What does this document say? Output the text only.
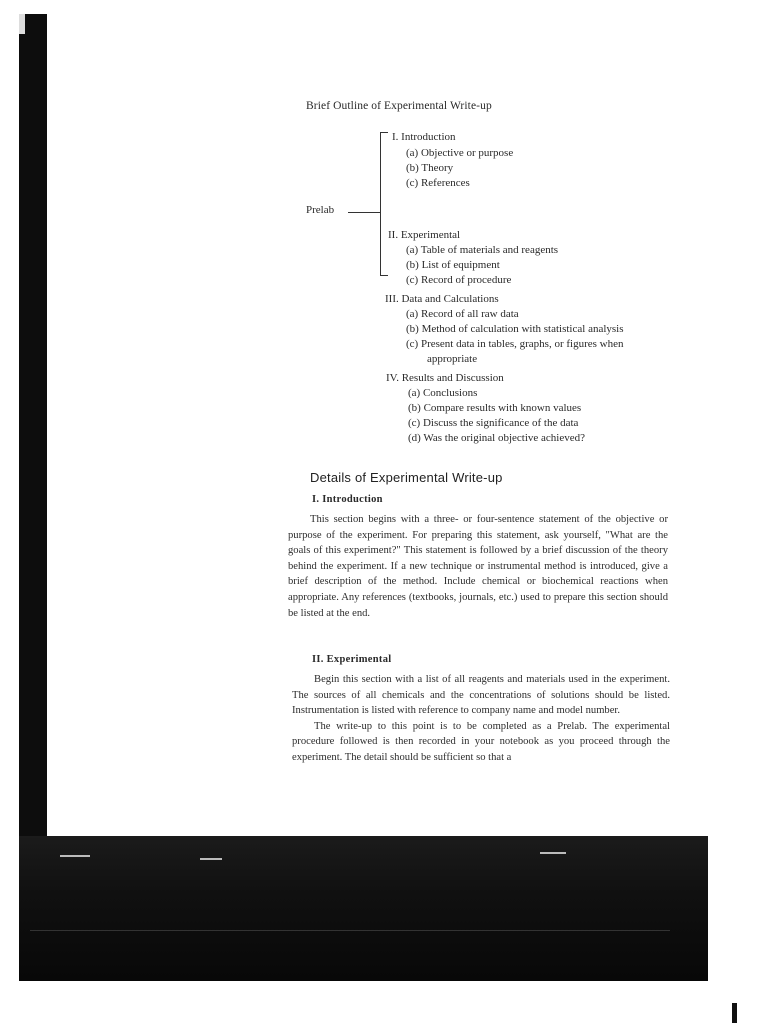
Brief Outline of Experimental Write-up
Prelab
I. Introduction
(a) Objective or purpose
(b) Theory
(c) References
II. Experimental
(a) Table of materials and reagents
(b) List of equipment
(c) Record of procedure
III. Data and Calculations
(a) Record of all raw data
(b) Method of calculation with statistical analysis
(c) Present data in tables, graphs, or figures when
appropriate
IV. Results and Discussion
(a) Conclusions
(b) Compare results with known values
(c) Discuss the significance of the data
(d) Was the original objective achieved?
Details of Experimental Write-up
I. Introduction

This section begins with a three- or four-sentence statement of the objective or purpose of the experiment. For preparing this statement, ask yourself, "What are the goals of this experiment?" This statement is followed by a brief discussion of the theory behind the experiment. If a new technique or instrumental method is introduced, give a brief description of the method. Include chemical or biochemical reactions when appropriate. Any references (textbooks, journals, etc.) used to prepare this section should be listed at the end.

II. Experimental

Begin this section with a list of all reagents and materials used in the experiment. The sources of all chemicals and the concentrations of solutions should be listed. Instrumentation is listed with reference to company name and model number.

The write-up to this point is to be completed as a Prelab. The experimental procedure followed is then recorded in your notebook as you proceed through the experiment. The detail should be sufficient so that a
